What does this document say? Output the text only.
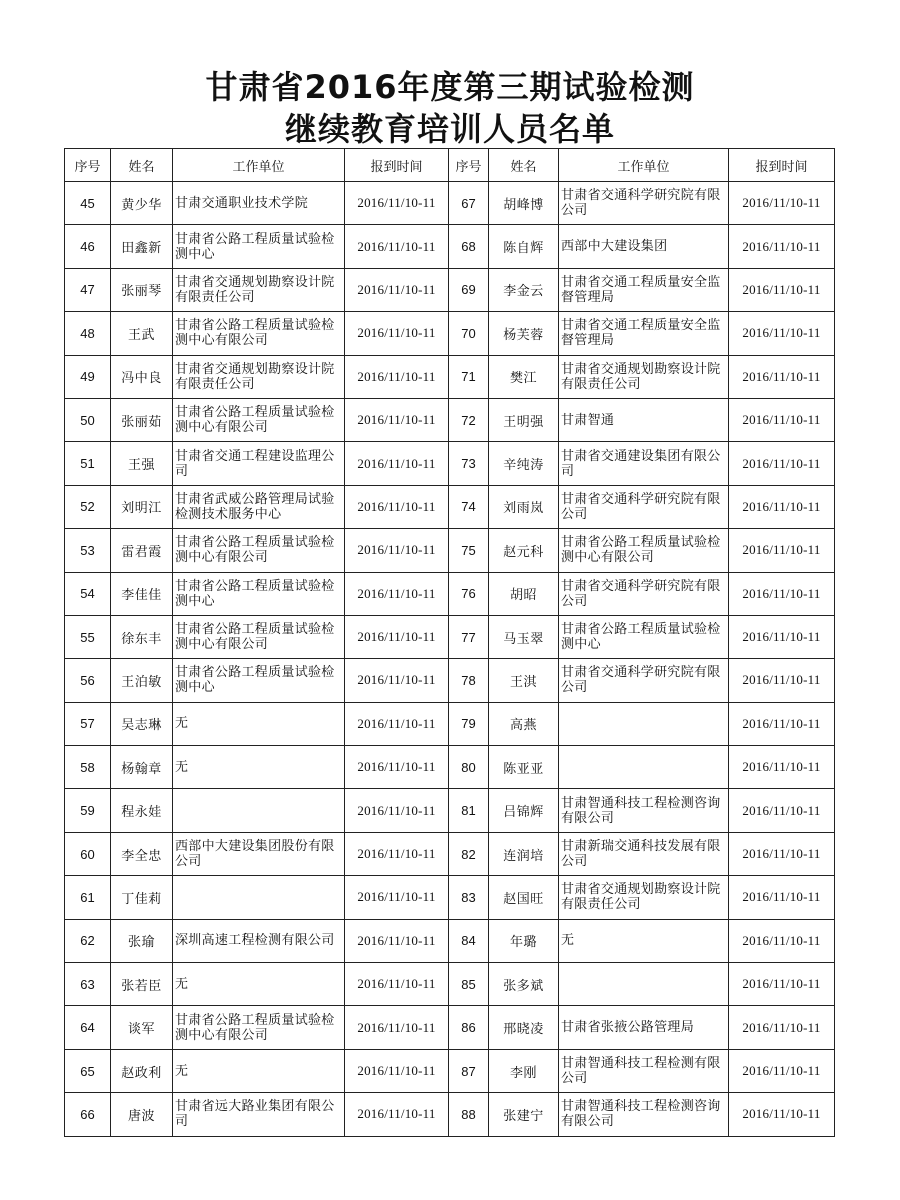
甘肃省2016年度第三期试验检测
继续教育培训人员名单
序号	姓名	工作单位	报到时间	序号	姓名	工作单位	报到时间
45	黄少华	甘肃交通职业技术学院	2016/11/10-11	67	胡峰博	甘肃省交通科学研究院有限公司	2016/11/10-11
46	田鑫新	甘肃省公路工程质量试验检测中心	2016/11/10-11	68	陈自辉	西部中大建设集团	2016/11/10-11
47	张丽琴	甘肃省交通规划勘察设计院有限责任公司	2016/11/10-11	69	李金云	甘肃省交通工程质量安全监督管理局	2016/11/10-11
48	王武	甘肃省公路工程质量试验检测中心有限公司	2016/11/10-11	70	杨芙蓉	甘肃省交通工程质量安全监督管理局	2016/11/10-11
49	冯中良	甘肃省交通规划勘察设计院有限责任公司	2016/11/10-11	71	樊江	甘肃省交通规划勘察设计院有限责任公司	2016/11/10-11
50	张丽茹	甘肃省公路工程质量试验检测中心有限公司	2016/11/10-11	72	王明强	甘肃智通	2016/11/10-11
51	王强	甘肃省交通工程建设监理公司	2016/11/10-11	73	辛纯涛	甘肃省交通建设集团有限公司	2016/11/10-11
52	刘明江	甘肃省武威公路管理局试验检测技术服务中心	2016/11/10-11	74	刘雨岚	甘肃省交通科学研究院有限公司	2016/11/10-11
53	雷君霞	甘肃省公路工程质量试验检测中心有限公司	2016/11/10-11	75	赵元科	甘肃省公路工程质量试验检测中心有限公司	2016/11/10-11
54	李佳佳	甘肃省公路工程质量试验检测中心	2016/11/10-11	76	胡昭	甘肃省交通科学研究院有限公司	2016/11/10-11
55	徐东丰	甘肃省公路工程质量试验检测中心有限公司	2016/11/10-11	77	马玉翠	甘肃省公路工程质量试验检测中心	2016/11/10-11
56	王泊敏	甘肃省公路工程质量试验检测中心	2016/11/10-11	78	王淇	甘肃省交通科学研究院有限公司	2016/11/10-11
57	吴志琳	无	2016/11/10-11	79	高燕		2016/11/10-11
58	杨翰章	无	2016/11/10-11	80	陈亚亚		2016/11/10-11
59	程永娃		2016/11/10-11	81	吕锦辉	甘肃智通科技工程检测咨询有限公司	2016/11/10-11
60	李全忠	西部中大建设集团股份有限公司	2016/11/10-11	82	连润培	甘肃新瑞交通科技发展有限公司	2016/11/10-11
61	丁佳莉		2016/11/10-11	83	赵国旺	甘肃省交通规划勘察设计院有限责任公司	2016/11/10-11
62	张瑜	深圳高速工程检测有限公司	2016/11/10-11	84	年璐	无	2016/11/10-11
63	张若臣	无	2016/11/10-11	85	张多斌		2016/11/10-11
64	谈军	甘肃省公路工程质量试验检测中心有限公司	2016/11/10-11	86	邢晓凌	甘肃省张掖公路管理局	2016/11/10-11
65	赵政利	无	2016/11/10-11	87	李刚	甘肃智通科技工程检测有限公司	2016/11/10-11
66	唐波	甘肃省远大路业集团有限公司	2016/11/10-11	88	张建宁	甘肃智通科技工程检测咨询有限公司	2016/11/10-11
